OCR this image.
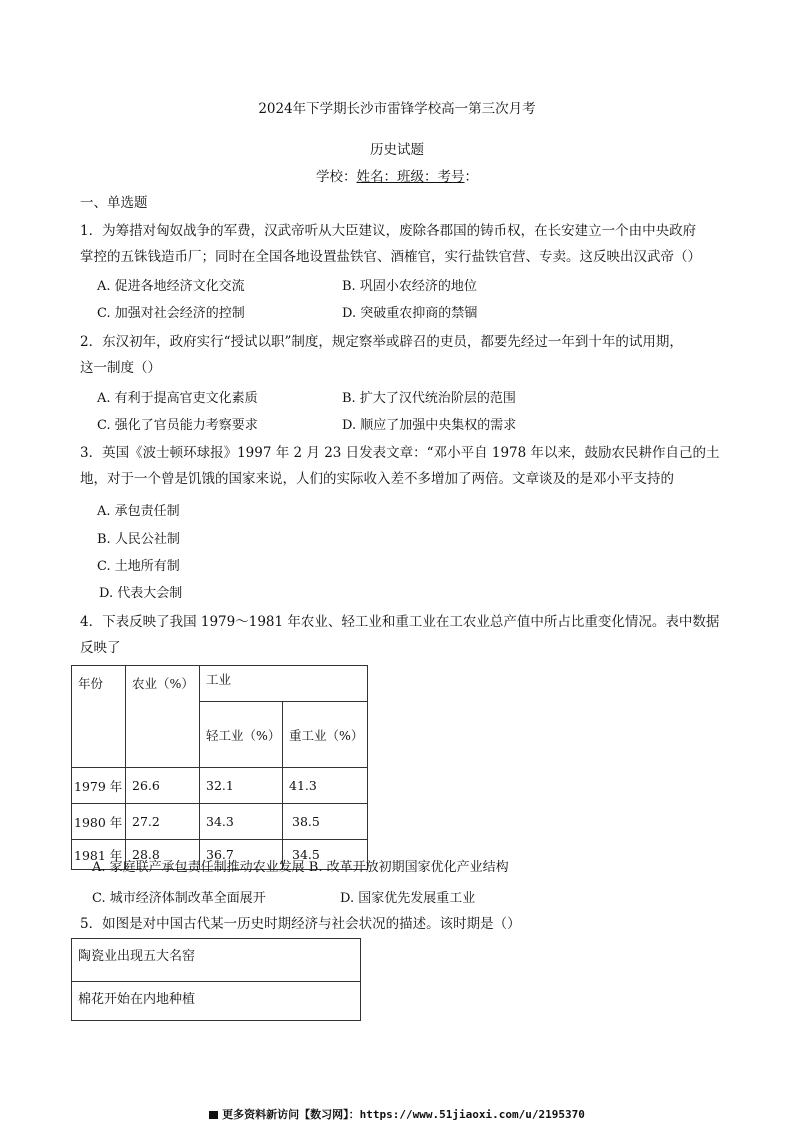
2024年下学期长沙市雷锋学校高一第三次月考
历史试题
学校：姓名：班级：考号：
一、单选题
1．为筹措对匈奴战争的军费，汉武帝听从大臣建议，废除各郡国的铸币权，在长安建立一个由中央政府
掌控的五铢钱造币厂；同时在全国各地设置盐铁官、酒榷官，实行盐铁官营、专卖。这反映出汉武帝（）
A. 促进各地经济文化交流	B. 巩固小农经济的地位
C. 加强对社会经济的控制	D. 突破重农抑商的禁锢
2．东汉初年，政府实行“授试以职”制度，规定察举或辟召的吏员，都要先经过一年到十年的试用期，
这一制度（）
A. 有利于提高官吏文化素质	B. 扩大了汉代统治阶层的范围
C. 强化了官员能力考察要求	D. 顺应了加强中央集权的需求
3．英国《波士顿环球报》1997 年 2 月 23 日发表文章：“邓小平自 1978 年以来，鼓励农民耕作自己的土
地，对于一个曾是饥饿的国家来说，人们的实际收入差不多增加了两倍。文章谈及的是邓小平支持的
A. 承包责任制
B. 人民公社制
C. 土地所有制
D. 代表大会制
4．下表反映了我国 1979～1981 年农业、轻工业和重工业在工农业总产值中所占比重变化情况。表中数据
反映了
年份	农业（%）	工业	
		轻工业（%）	重工业（%）
1979 年	26.6	32.1	41.3
1980 年	27.2	34.3	38.5
1981 年	28.8	36.7	34.5
A. 家庭联产承包责任制推动农业发展 B. 改革开放初期国家优化产业结构
C. 城市经济体制改革全面展开	D. 国家优先发展重工业
5．如图是对中国古代某一历史时期经济与社会状况的描述。该时期是（）
陶瓷业出现五大名窑
棉花开始在内地种植
更多资料新访问【数习网】：https://www.51jiaoxi.com/u/2195370
